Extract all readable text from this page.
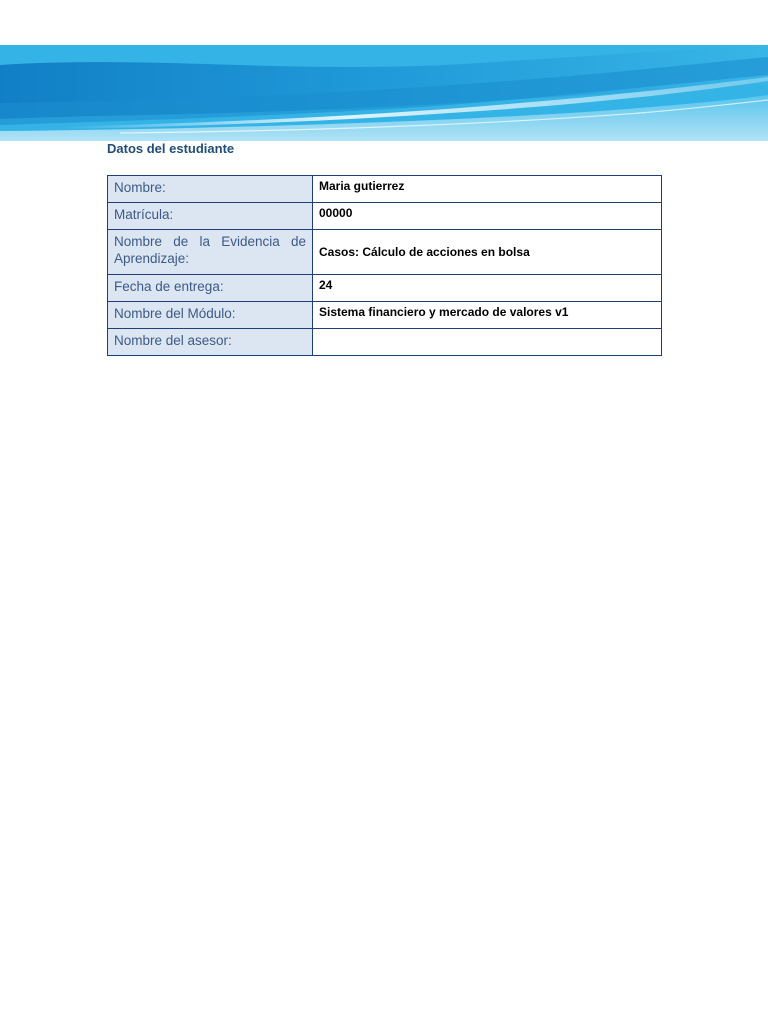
Datos del estudiante
Nombre:	Maria gutierrez
Matrícula:	00000

Nombre de la Evidencia de
Aprendizaje:	Casos: Cálculo de acciones en bolsa
Fecha de entrega:	24
Nombre del Módulo:	Sistema financiero y mercado de valores v1
Nombre del asesor:	
